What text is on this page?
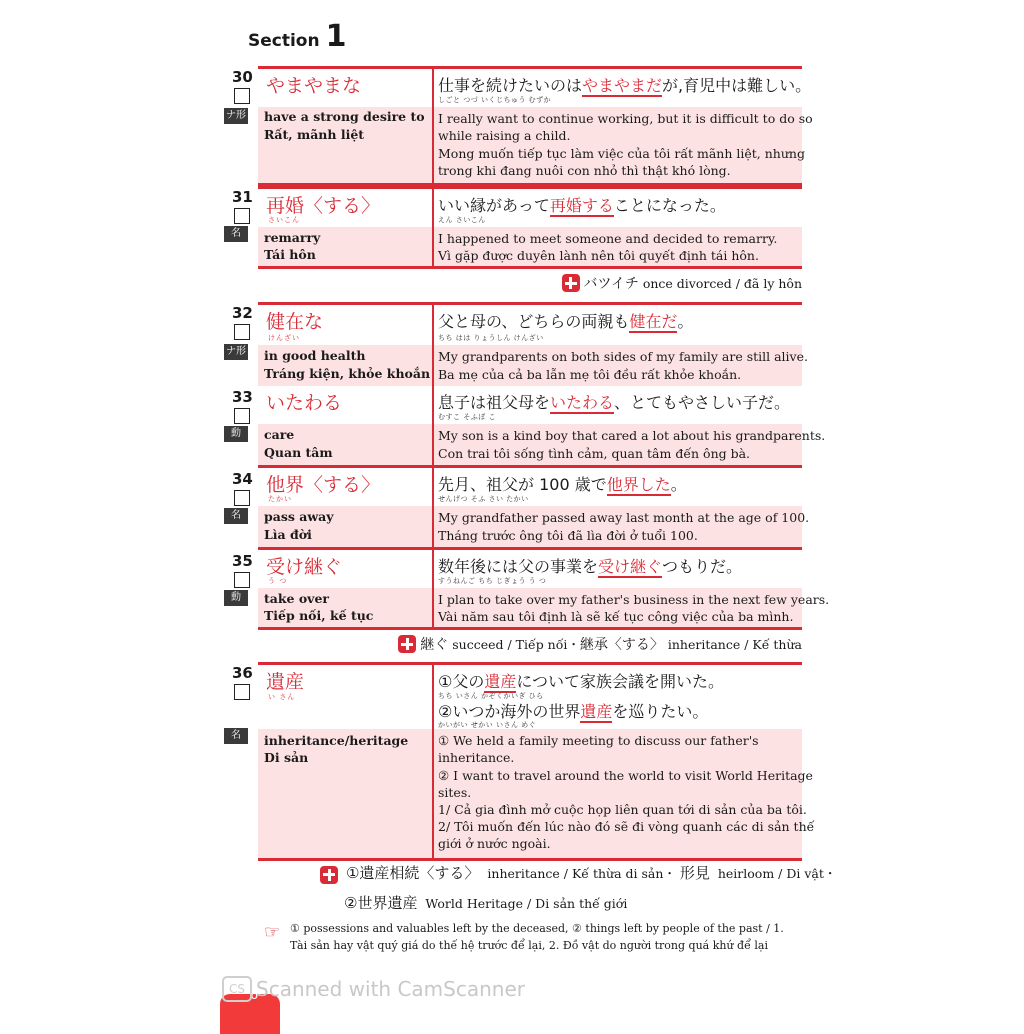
Section 1
30
ナ形
やまやまな	仕事を続けたいのはやまやまだが,育児中は難しい。
しごと つづ いくじちゅう むずか
have a strong desire to
Rất, mãnh liệt
I really want to continue working, but it is difficult to do so
while raising a child.
Mong muốn tiếp tục làm việc của tôi rất mãnh liệt, nhưng
trong khi đang nuôi con nhỏ thì thật khó lòng.
31
名
再婚〈する〉
さいこん
いい縁があって再婚することになった。
えん さいこん
remarry
Tái hôn
I happened to meet someone and decided to remarry.
Vì gặp được duyên lành nên tôi quyết định tái hôn.
バツイチ
once divorced / đã ly hôn
32
ナ形
健在な
けんざい
父と母の、どちらの両親も健在だ。
ちち はは りょうしん けんざい
in good health
Tráng kiện, khỏe khoắn
My grandparents on both sides of my family are still alive.
Ba mẹ của cả ba lẫn mẹ tôi đều rất khỏe khoắn.
33
動
いたわる	息子は祖父母をいたわる、とてもやさしい子だ。
むすこ そふぼ こ
care
Quan tâm
My son is a kind boy that cared a lot about his grandparents.
Con trai tôi sống tình cảm, quan tâm đến ông bà.
34
名
他界〈する〉
たかい
先月、祖父が 100 歳で他界した。
せんげつ そふ さい たかい
pass away
Lìa đời
My grandfather passed away last month at the age of 100.
Tháng trước ông tôi đã lìa đời ở tuổi 100.
35
動
受け継ぐ
う つ
数年後には父の事業を受け継ぐつもりだ。
すうねんご ちち じぎょう う つ
take over
Tiếp nối, kế tục
I plan to take over my father's business in the next few years.
Vài năm sau tôi định là sẽ kế tục công việc của ba mình.
継ぐ
succeed / Tiếp nối・ 継承〈する〉
inheritance / Kế thừa
36
名
遺産
い さん
①父の遺産について家族会議を開いた。
ちち いさん かぞくかいぎ ひら
②いつか海外の世界遺産を巡りたい。
かいがい せかい いさん めぐ
inheritance/heritage
Di sản
① We held a family meeting to discuss our father's
inheritance.
② I want to travel around the world to visit World Heritage
sites.
1/ Cả gia đình mở cuộc họp liên quan tới di sản của ba tôi.
2/ Tôi muốn đến lúc nào đó sẽ đi vòng quanh các di sản thế
giới ở nước ngoài.
①遺産相続〈する〉 inheritance / Kế thừa di sản・ 形見 heirloom / Di vật・
②世界遺産 World Heritage / Di sản thế giới
☞ ① possessions and valuables left by the deceased, ② things left by people of the past / 1. Tài sản hay vật quý giá do thế hệ trước để lại, 2. Đồ vật do người trong quá khứ để lại
6
CS Scanned with CamScanner
